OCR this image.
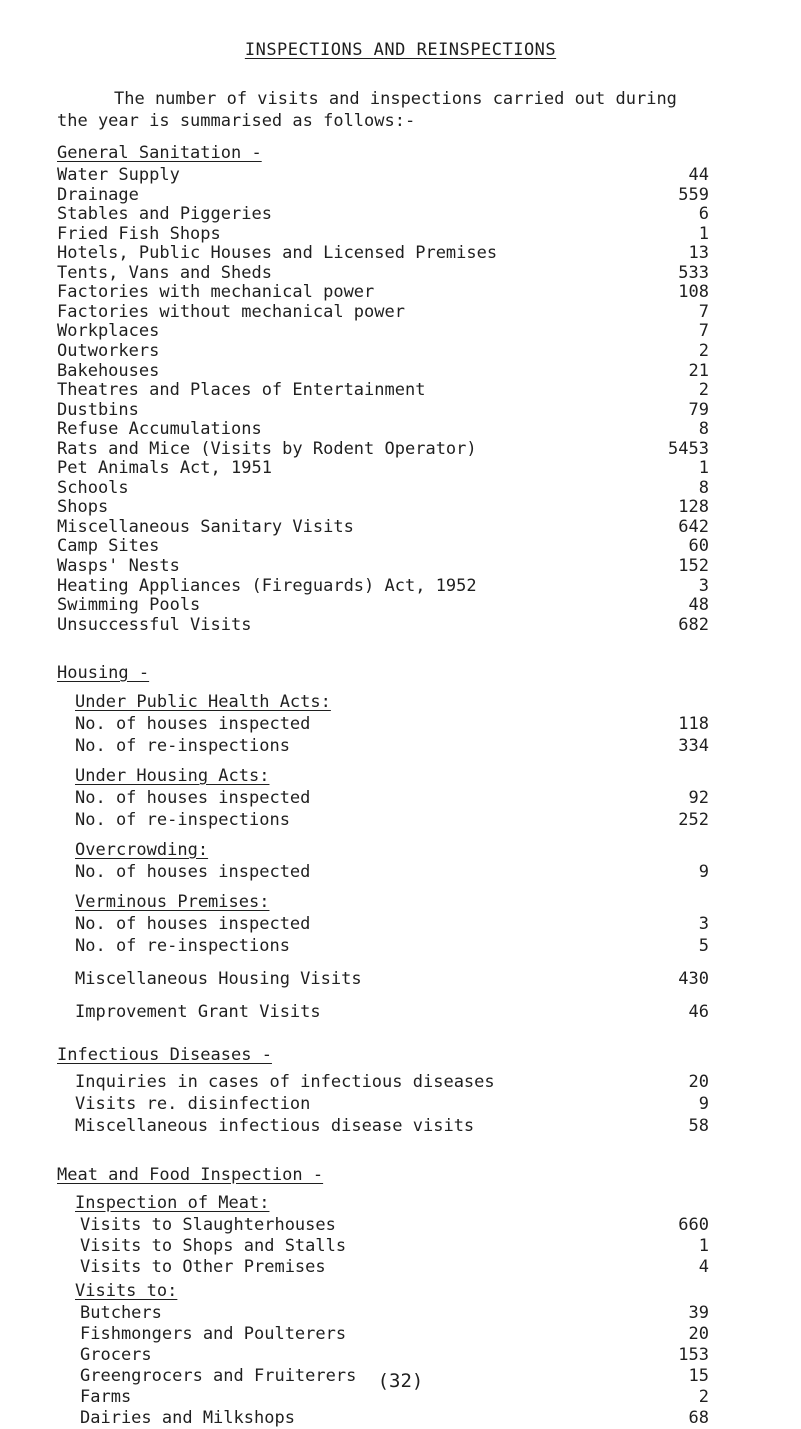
INSPECTIONS AND REINSPECTIONS
The number of visits and inspections carried out during
the year is summarised as follows:-
General Sanitation -
Water Supply	44
Drainage	559
Stables and Piggeries	6
Fried Fish Shops	1
Hotels, Public Houses and Licensed Premises	13
Tents, Vans and Sheds	533
Factories with mechanical power	108
Factories without mechanical power	7
Workplaces	7
Outworkers	2
Bakehouses	21
Theatres and Places of Entertainment	2
Dustbins	79
Refuse Accumulations	8
Rats and Mice (Visits by Rodent Operator)	5453
Pet Animals Act, 1951	1
Schools	8
Shops	128
Miscellaneous Sanitary Visits	642
Camp Sites	60
Wasps' Nests	152
Heating Appliances (Fireguards) Act, 1952	3
Swimming Pools	48
Unsuccessful Visits	682
Housing -
Under Public Health Acts:
No. of houses inspected	118
No. of re-inspections	334
Under Housing Acts:
No. of houses inspected	92
No. of re-inspections	252
Overcrowding:
No. of houses inspected	9
Verminous Premises:
No. of houses inspected	3
No. of re-inspections	5
Miscellaneous Housing Visits	430
Improvement Grant Visits	46
Infectious Diseases -
Inquiries in cases of infectious diseases	20
Visits re. disinfection	9
Miscellaneous infectious disease visits	58
Meat and Food Inspection -
Inspection of Meat:
Visits to Slaughterhouses	660
Visits to Shops and Stalls	1
Visits to Other Premises	4
Visits to:
Butchers	39
Fishmongers and Poulterers	20
Grocers	153
Greengrocers and Fruiterers	15
Farms	2
Dairies and Milkshops	68
(32)
